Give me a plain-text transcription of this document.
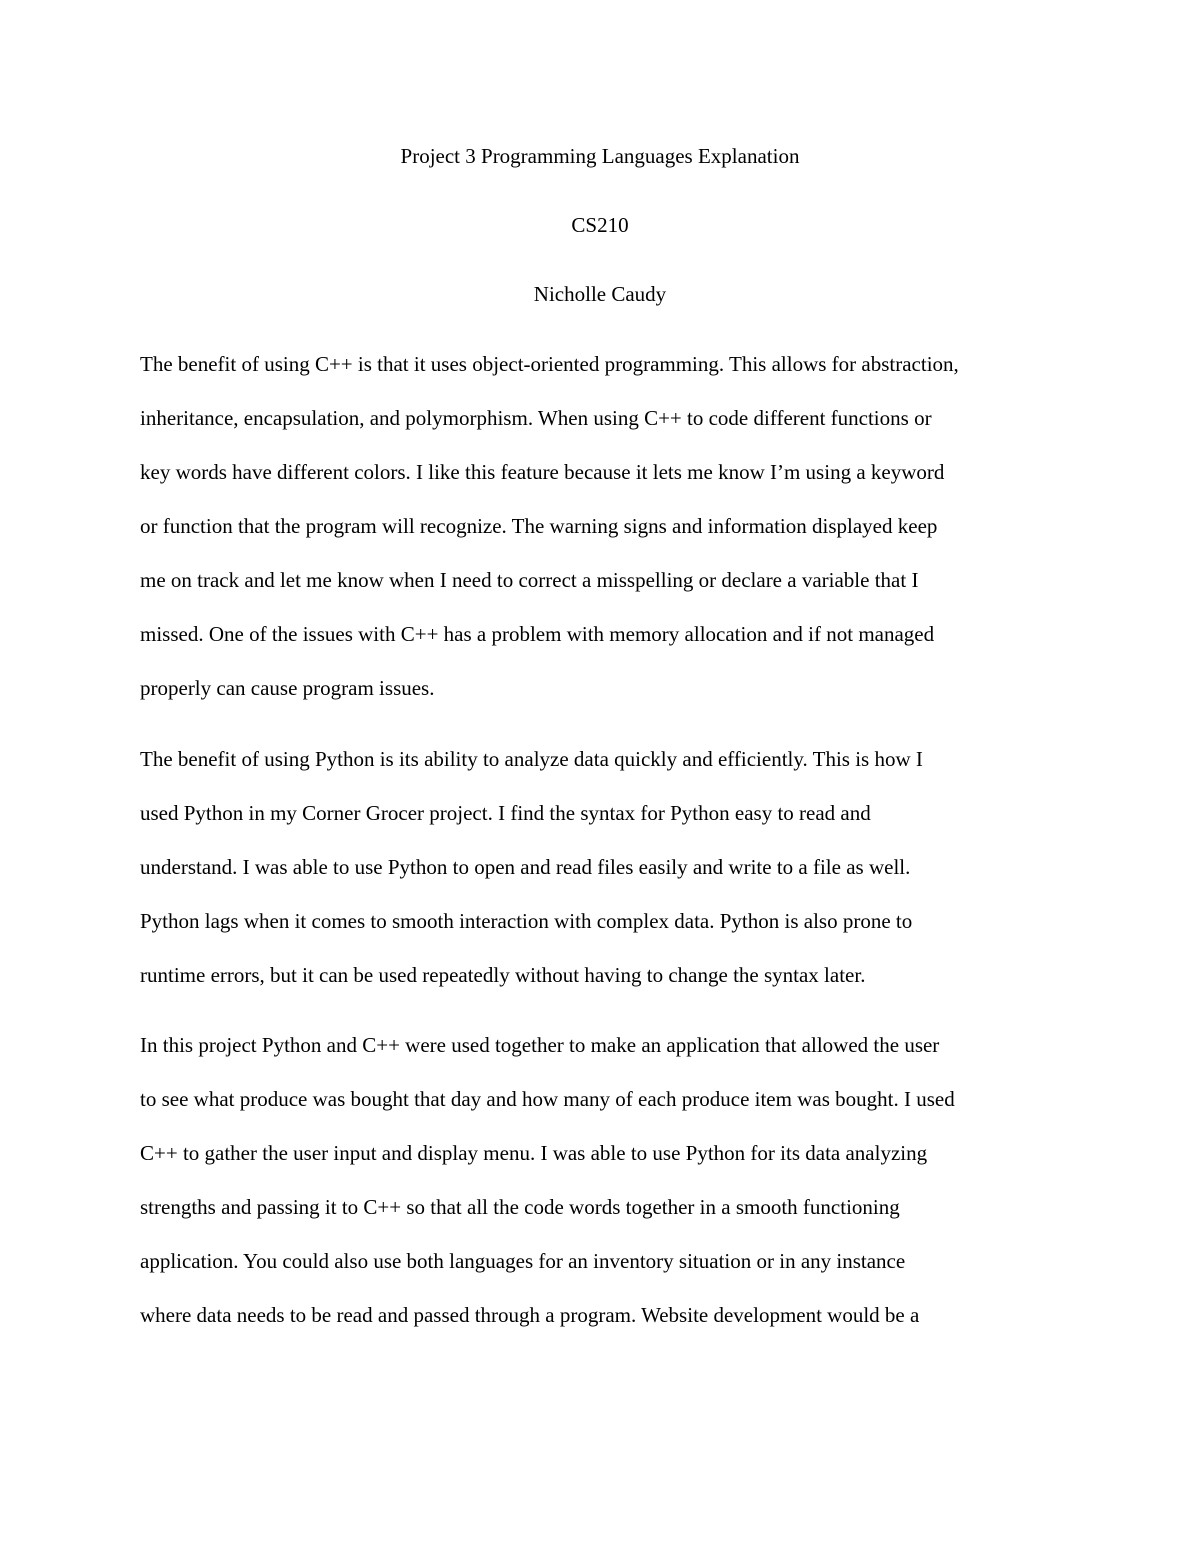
Project 3 Programming Languages Explanation
CS210
Nicholle Caudy
The benefit of using C++ is that it uses object-oriented programming. This allows for abstraction,
inheritance, encapsulation, and polymorphism. When using C++ to code different functions or
key words have different colors. I like this feature because it lets me know I’m using a keyword
or function that the program will recognize. The warning signs and information displayed keep
me on track and let me know when I need to correct a misspelling or declare a variable that I
missed. One of the issues with C++ has a problem with memory allocation and if not managed
properly can cause program issues.
The benefit of using Python is its ability to analyze data quickly and efficiently. This is how I
used Python in my Corner Grocer project. I find the syntax for Python easy to read and
understand. I was able to use Python to open and read files easily and write to a file as well.
Python lags when it comes to smooth interaction with complex data. Python is also prone to
runtime errors, but it can be used repeatedly without having to change the syntax later.
In this project Python and C++ were used together to make an application that allowed the user
to see what produce was bought that day and how many of each produce item was bought. I used
C++ to gather the user input and display menu. I was able to use Python for its data analyzing
strengths and passing it to C++ so that all the code words together in a smooth functioning
application. You could also use both languages for an inventory situation or in any instance
where data needs to be read and passed through a program. Website development would be a
